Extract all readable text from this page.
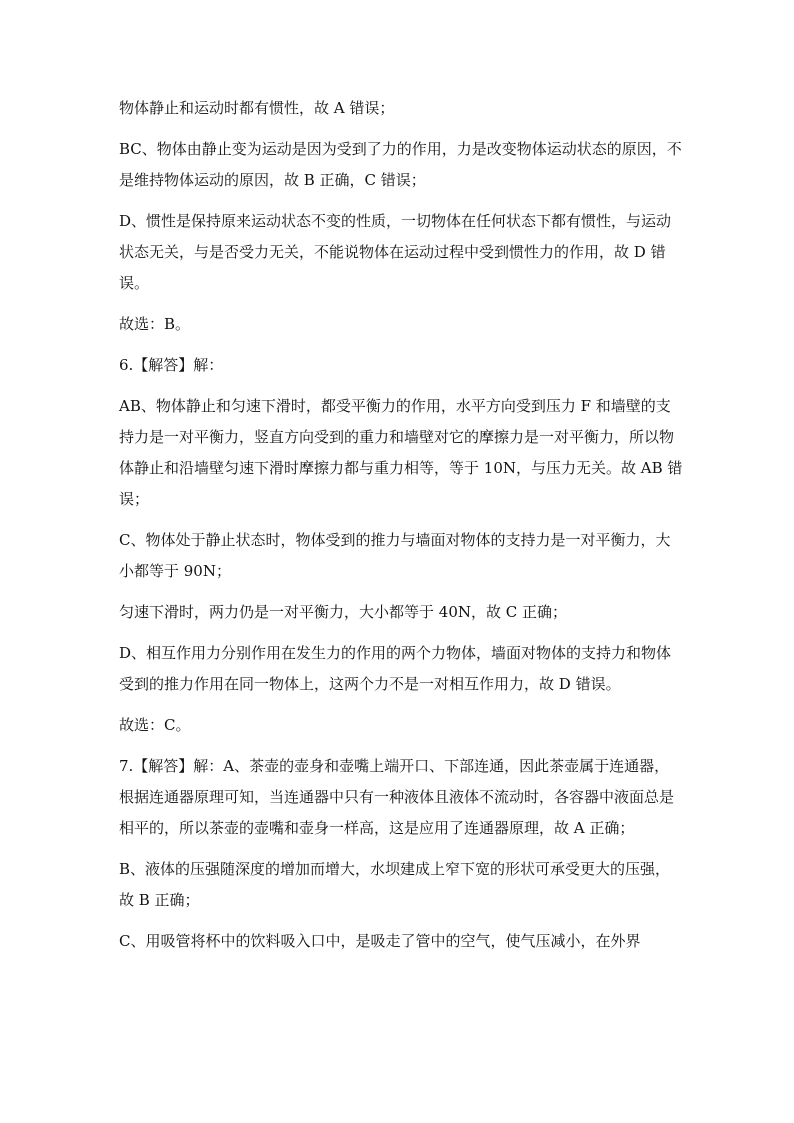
物体静止和运动时都有惯性，故 A 错误；

BC、物体由静止变为运动是因为受到了力的作用，力是改变物体运动状态的原因，不是维持物体运动的原因，故 B 正确，C 错误；

D、惯性是保持原来运动状态不变的性质，一切物体在任何状态下都有惯性，与运动状态无关，与是否受力无关，不能说物体在运动过程中受到惯性力的作用，故 D 错误。

故选：B。

6.【解答】解：

AB、物体静止和匀速下滑时，都受平衡力的作用，水平方向受到压力 F 和墙壁的支持力是一对平衡力，竖直方向受到的重力和墙壁对它的摩擦力是一对平衡力，所以物体静止和沿墙壁匀速下滑时摩擦力都与重力相等，等于 10N，与压力无关。故 AB 错误；

C、物体处于静止状态时，物体受到的推力与墙面对物体的支持力是一对平衡力，大小都等于 90N；

匀速下滑时，两力仍是一对平衡力，大小都等于 40N，故 C 正确；

D、相互作用力分别作用在发生力的作用的两个力物体，墙面对物体的支持力和物体受到的推力作用在同一物体上，这两个力不是一对相互作用力，故 D 错误。

故选：C。

7.【解答】解：A、茶壶的壶身和壶嘴上端开口、下部连通，因此茶壶属于连通器，根据连通器原理可知，当连通器中只有一种液体且液体不流动时，各容器中液面总是相平的，所以茶壶的壶嘴和壶身一样高，这是应用了连通器原理，故 A 正确；

B、液体的压强随深度的增加而增大，水坝建成上窄下宽的形状可承受更大的压强，故 B 正确；

C、用吸管将杯中的饮料吸入口中，是吸走了管中的空气，使气压减小，在外界
